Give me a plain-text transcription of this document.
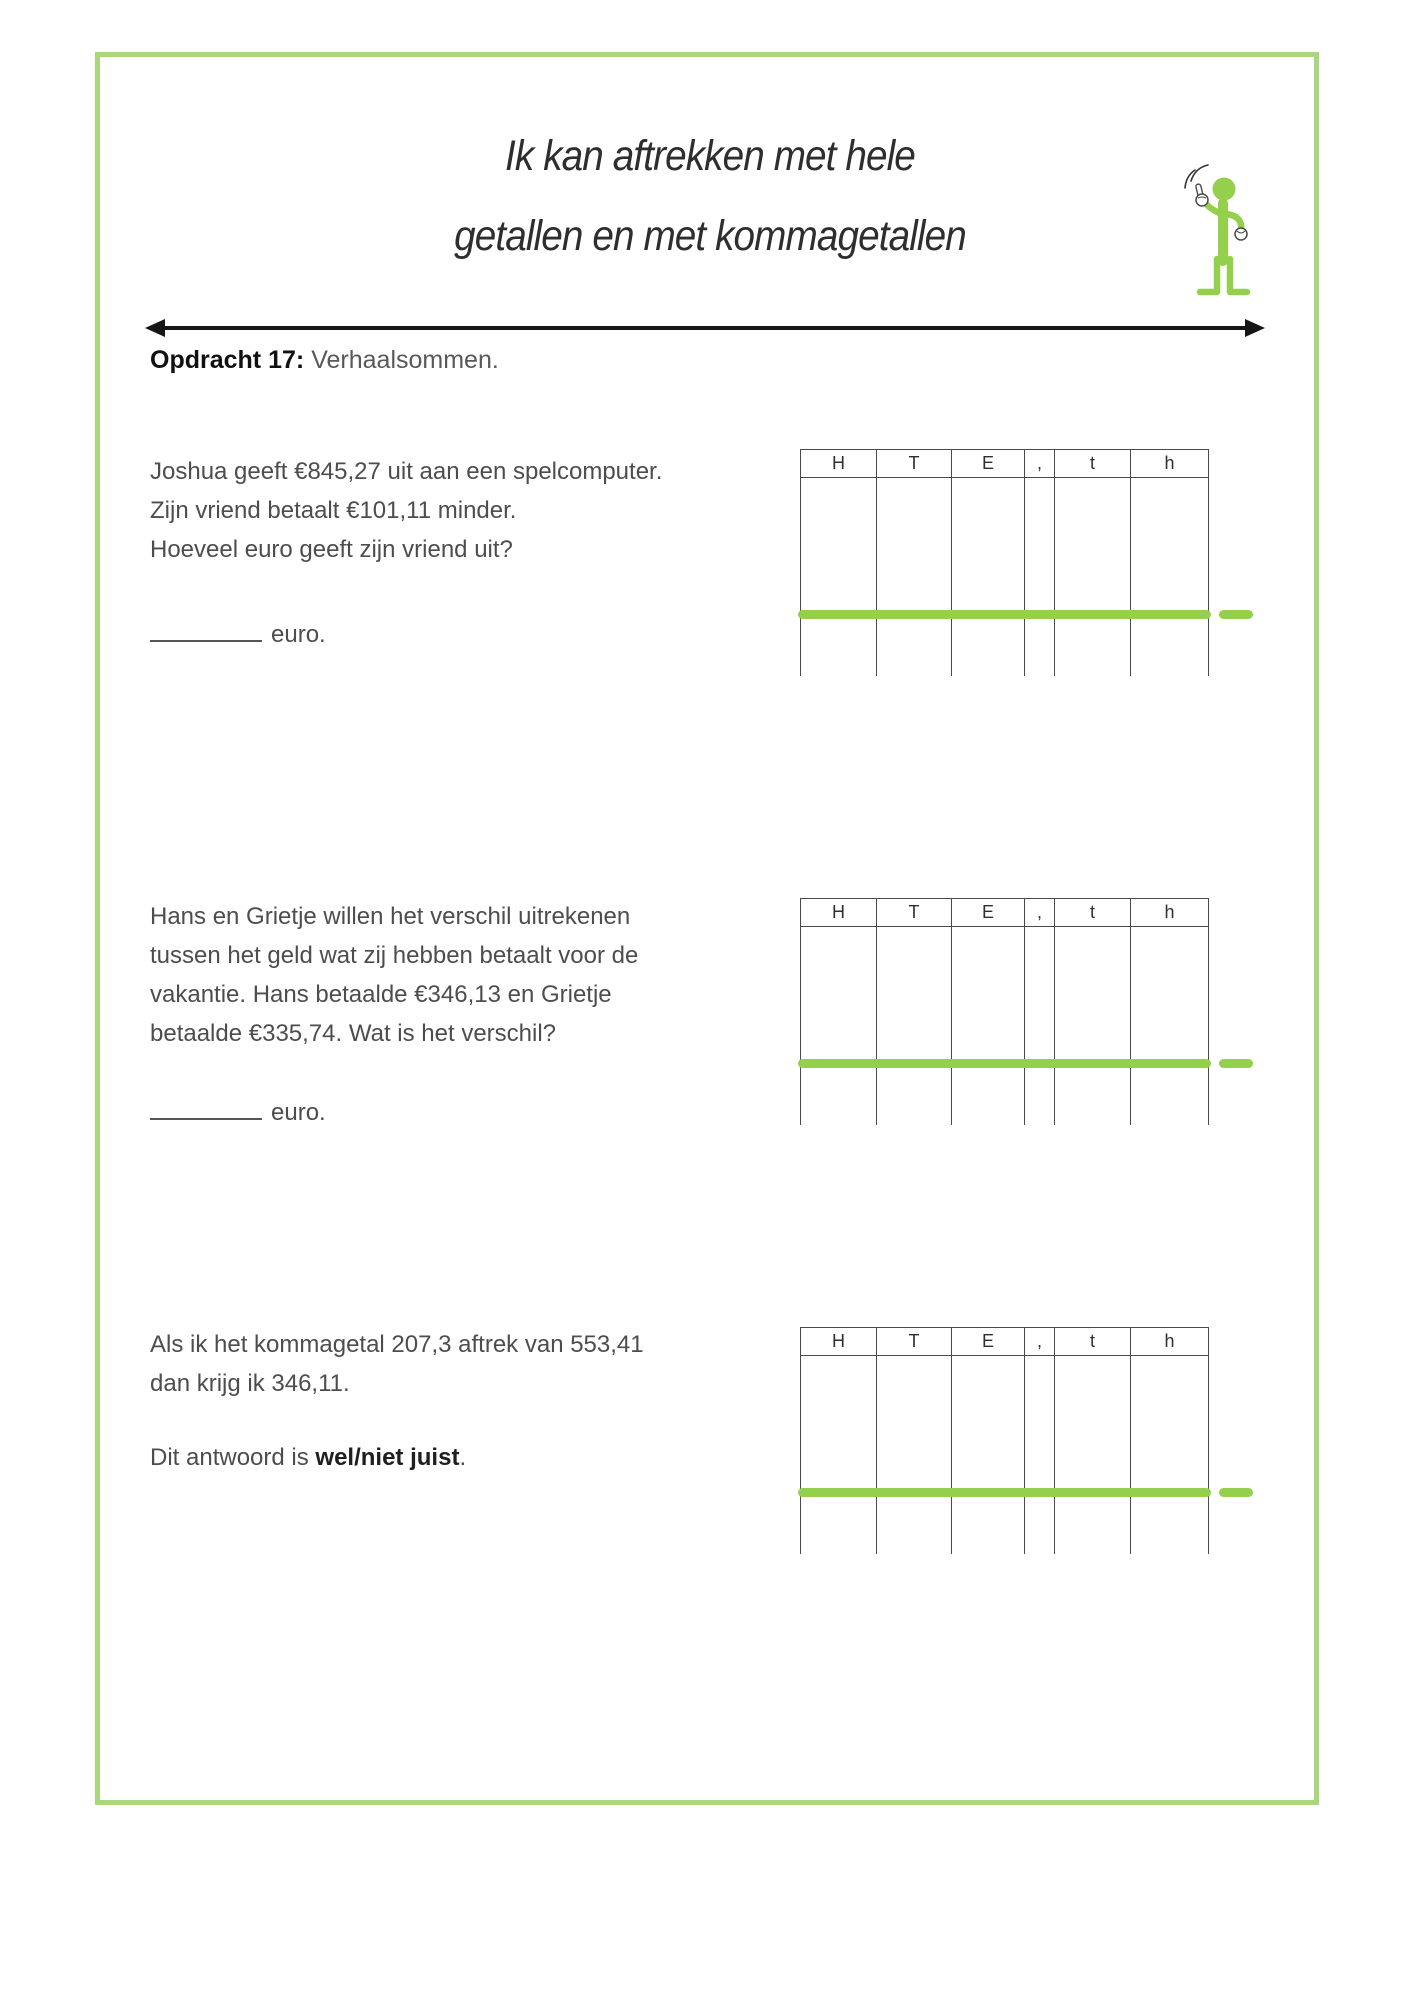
Ik kan aftrekken met hele
getallen en met kommagetallen
Opdracht 17: Verhaalsommen.
Joshua geeft €845,27 uit aan een spelcomputer.
Zijn vriend betaalt €101,11 minder.
Hoeveel euro geeft zijn vriend uit?
euro.
H	T	E	,	t	h
Hans en Grietje willen het verschil uitrekenen
tussen het geld wat zij hebben betaalt voor de
vakantie. Hans betaalde €346,13 en Grietje
betaalde €335,74. Wat is het verschil?
euro.
H	T	E	,	t	h
Als ik het kommagetal 207,3 aftrek van 553,41
dan krijg ik 346,11.
Dit antwoord is wel/niet juist.
H	T	E	,	t	h
